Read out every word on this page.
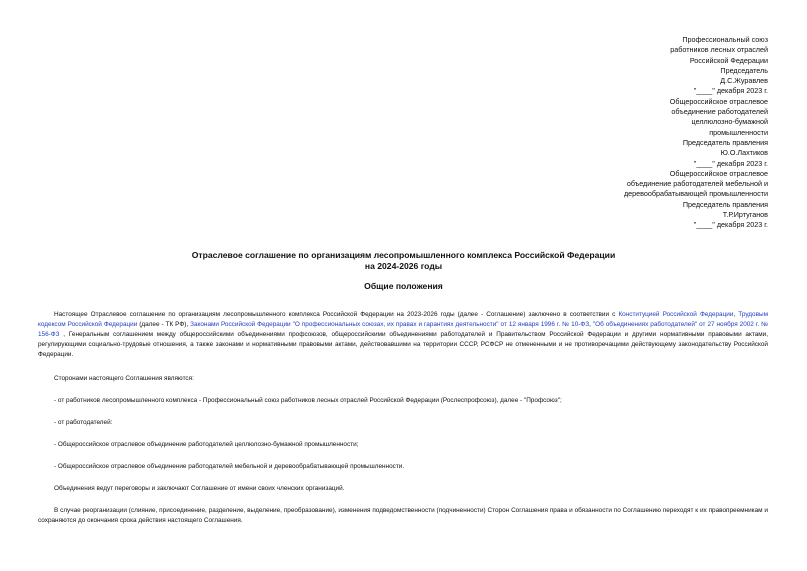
Профессиональный союз
работников лесных отраслей
Российской Федерации
Председатель
Д.С.Журавлев
"____" декабря 2023 г.
Общероссийское отраслевое
объединение работодателей
целлюлозно-бумажной
промышленности
Председатель правления
Ю.О.Лахтиков
"____" декабря 2023 г.
Общероссийское отраслевое
объединение работодателей мебельной и
деревообрабатывающей промышленности
Председатель правления
Т.Р.Иртуганов
"____" декабря 2023 г.
Отраслевое соглашение по организациям лесопромышленного комплекса Российской Федерации
на 2024-2026 годы
Общие положения

Настоящее Отраслевое соглашение по организациям лесопромышленного комплекса Российской Федерации на 2023-2026 годы (далее - Соглашение) заключено в соответствии с Конституцией Российской Федерации, Трудовым кодексом Российской Федерации (далее - ТК РФ), Законами Российской Федерации "О профессиональных союзах, их правах и гарантиях деятельности" от 12 января 1996 г. № 10-ФЗ, "Об объединениях работодателей" от 27 ноября 2002 г. № 156-ФЗ , Генеральным соглашением между общероссийскими объединениями профсоюзов, общероссийскими объединениями работодателей и Правительством Российской Федерации и другими нормативными правовыми актами, регулирующими социально-трудовые отношения, а также законами и нормативными правовыми актами, действовавшими на территории СССР, РСФСР не отмененными и не противоречащими действующему законодательству Российской Федерации.

Сторонами настоящего Соглашения являются:

- от работников лесопромышленного комплекса - Профессиональный союз работников лесных отраслей Российской Федерации (Рослеспрофсоюз), далее - "Профсоюз";

- от работодателей:

- Общероссийское отраслевое объединение работодателей целлюлозно-бумажной промышленности;

- Общероссийское отраслевое объединение работодателей мебельной и деревообрабатывающей промышленности.

Объединения ведут переговоры и заключают Соглашение от имени своих членских организаций.

В случае реорганизации (слияние, присоединение, разделение, выделение, преобразование), изменения подведомственности (подчиненности) Сторон Соглашения права и обязанности по Соглашению переходят к их правопреемникам и сохраняются до окончания срока действия настоящего Соглашения.
